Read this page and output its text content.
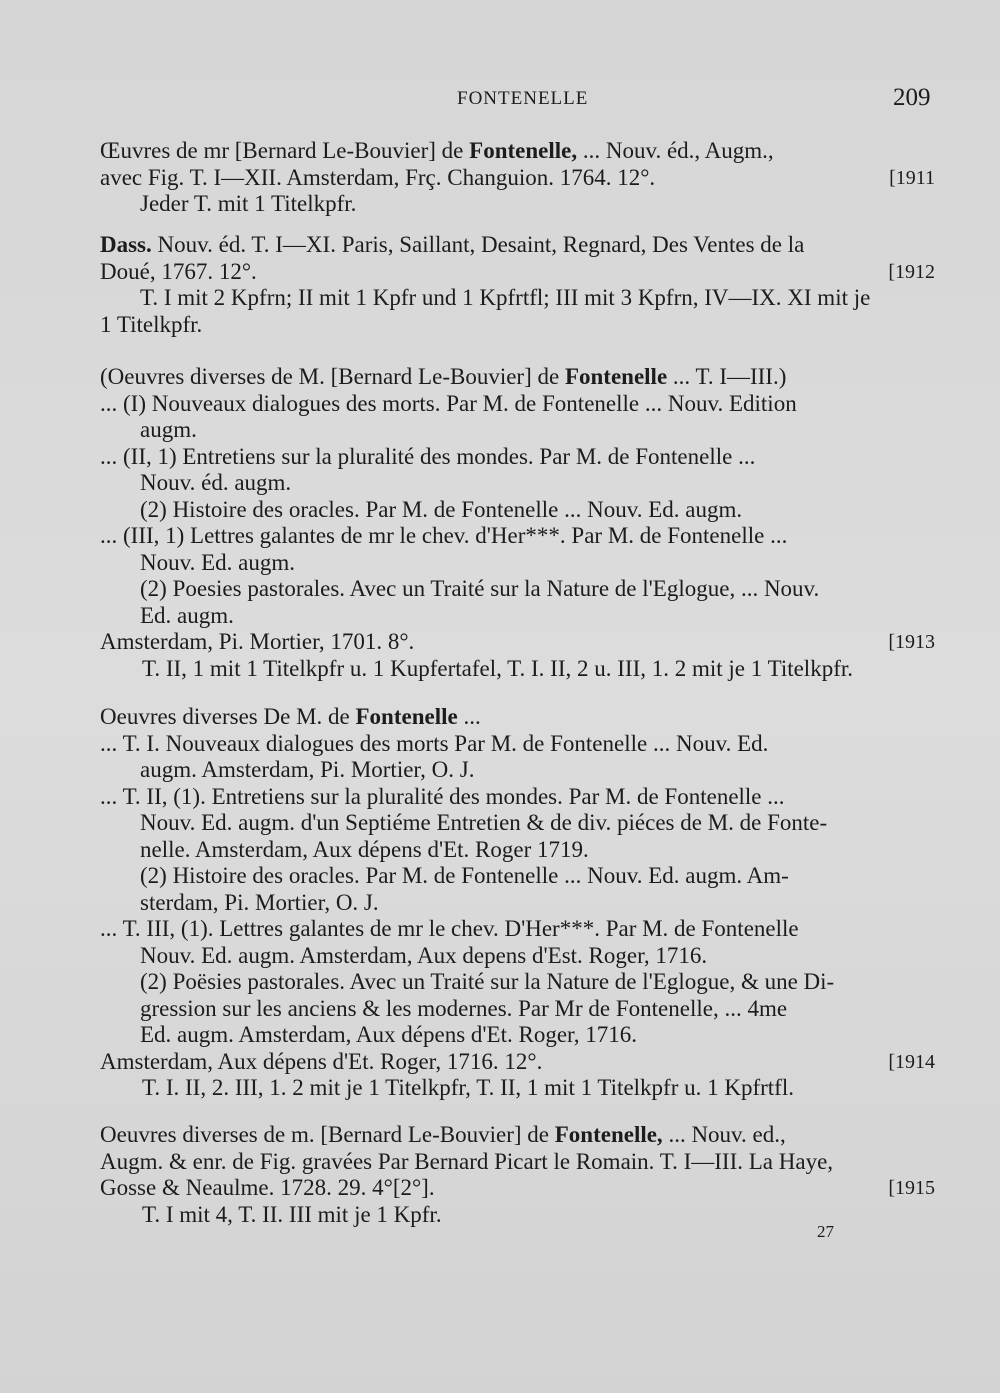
FONTENELLE	209
Œuvres de mr [Bernard Le-Bouvier] de Fontenelle, ... Nouv. éd., Augm.,
avec Fig. T. I—XII. Amsterdam, Frç. Changuion. 1764. 12°.	[1911
Jeder T. mit 1 Titelkpfr.
Dass. Nouv. éd. T. I—XI. Paris, Saillant, Desaint, Regnard, Des Ventes de la
Doué, 1767. 12°.	[1912
T. I mit 2 Kpfrn; II mit 1 Kpfr und 1 Kpfrtfl; III mit 3 Kpfrn, IV—IX. XI mit je
1 Titelkpfr.
(Oeuvres diverses de M. [Bernard Le-Bouvier] de Fontenelle ... T. I—III.)
... (I) Nouveaux dialogues des morts. Par M. de Fontenelle ... Nouv. Edition
augm.
... (II, 1) Entretiens sur la pluralité des mondes. Par M. de Fontenelle ...
Nouv. éd. augm.
(2) Histoire des oracles. Par M. de Fontenelle ... Nouv. Ed. augm.
... (III, 1) Lettres galantes de mr le chev. d'Her***. Par M. de Fontenelle ...
Nouv. Ed. augm.
(2) Poesies pastorales. Avec un Traité sur la Nature de l'Eglogue, ... Nouv.
Ed. augm.
Amsterdam, Pi. Mortier, 1701. 8°.	[1913
T. II, 1 mit 1 Titelkpfr u. 1 Kupfertafel, T. I. II, 2 u. III, 1. 2 mit je 1 Titelkpfr.
Oeuvres diverses De M. de Fontenelle ...
... T. I. Nouveaux dialogues des morts Par M. de Fontenelle ... Nouv. Ed.
augm. Amsterdam, Pi. Mortier, O. J.
... T. II, (1). Entretiens sur la pluralité des mondes. Par M. de Fontenelle ...
Nouv. Ed. augm. d'un Septiéme Entretien & de div. piéces de M. de Fonte-
nelle. Amsterdam, Aux dépens d'Et. Roger 1719.
(2) Histoire des oracles. Par M. de Fontenelle ... Nouv. Ed. augm. Am-
sterdam, Pi. Mortier, O. J.
... T. III, (1). Lettres galantes de mr le chev. D'Her***. Par M. de Fontenelle
Nouv. Ed. augm. Amsterdam, Aux depens d'Est. Roger, 1716.
(2) Poësies pastorales. Avec un Traité sur la Nature de l'Eglogue, & une Di-
gression sur les anciens & les modernes. Par Mr de Fontenelle, ... 4me
Ed. augm. Amsterdam, Aux dépens d'Et. Roger, 1716.
Amsterdam, Aux dépens d'Et. Roger, 1716. 12°.	[1914
T. I. II, 2. III, 1. 2 mit je 1 Titelkpfr, T. II, 1 mit 1 Titelkpfr u. 1 Kpfrtfl.
Oeuvres diverses de m. [Bernard Le-Bouvier] de Fontenelle, ... Nouv. ed.,
Augm. & enr. de Fig. gravées Par Bernard Picart le Romain. T. I—III. La Haye,
Gosse & Neaulme. 1728. 29. 4°[2°].	[1915
T. I mit 4, T. II. III mit je 1 Kpfr.
27
